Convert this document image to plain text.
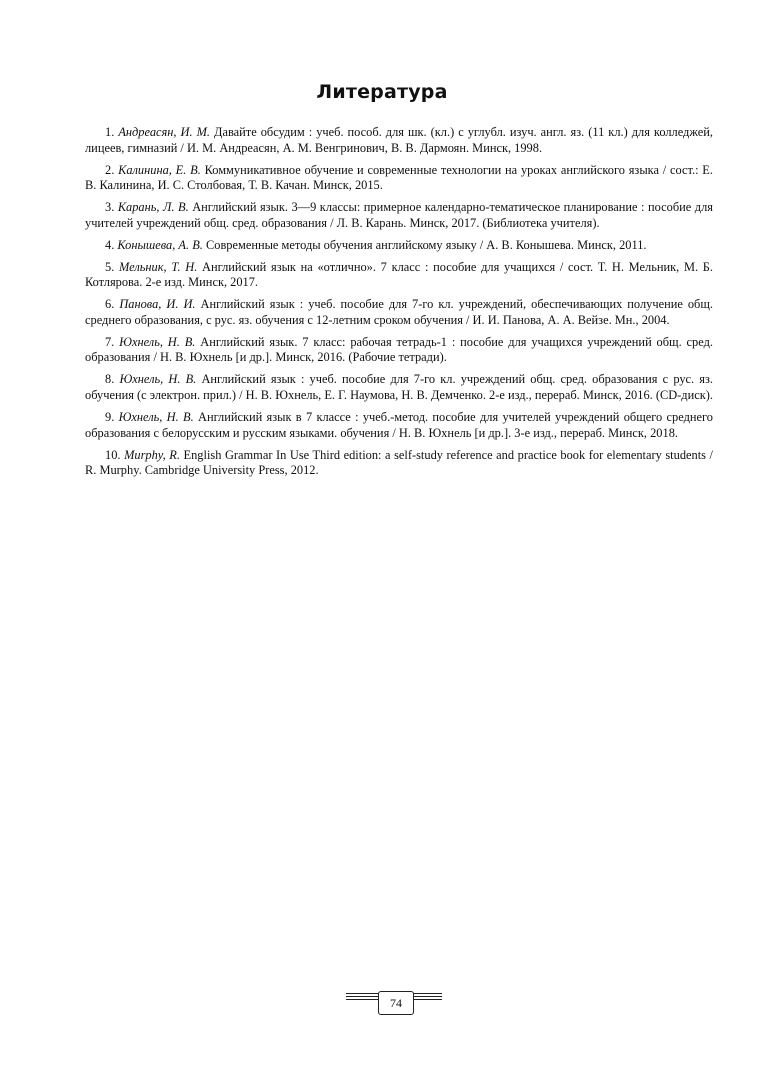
Литература

1. Андреасян, И. М. Давайте обсудим : учеб. пособ. для шк. (кл.) с углубл. изуч. англ. яз. (11 кл.) для колледжей, лицеев, гимназий / И. М. Андреасян, А. М. Венгринович, В. В. Дармоян. Минск, 1998.

2. Калинина, Е. В. Коммуникативное обучение и современные технологии на уроках английского языка / сост.: Е. В. Калинина, И. С. Столбовая, Т. В. Качан. Минск, 2015.

3. Карань, Л. В. Английский язык. 3—9 классы: примерное календарно-тематическое планирование : пособие для учителей учреждений общ. сред. образования / Л. В. Карань. Минск, 2017. (Библиотека учителя).

4. Конышева, А. В. Современные методы обучения английскому языку / А. В. Конышева. Минск, 2011.

5. Мельник, Т. Н. Английский язык на «отлично». 7 класс : пособие для учащихся / сост. Т. Н. Мельник, М. Б. Котлярова. 2-е изд. Минск, 2017.

6. Панова, И. И. Английский язык : учеб. пособие для 7-го кл. учреждений, обеспечивающих получение общ. среднего образования, с рус. яз. обучения с 12-летним сроком обучения / И. И. Панова, А. А. Вейзе. Мн., 2004.

7. Юхнель, Н. В. Английский язык. 7 класс: рабочая тетрадь-1 : пособие для учащихся учреждений общ. сред. образования / Н. В. Юхнель [и др.]. Минск, 2016. (Рабочие тетради).

8. Юхнель, Н. В. Английский язык : учеб. пособие для 7-го кл. учреждений общ. сред. образования с рус. яз. обучения (с электрон. прил.) / Н. В. Юхнель, Е. Г. Наумова, Н. В. Демченко. 2-е изд., перераб. Минск, 2016. (CD-диск).

9. Юхнель, Н. В. Английский язык в 7 классе : учеб.-метод. пособие для учителей учреждений общего среднего образования с белорусским и русским языками. обучения / Н. В. Юхнель [и др.]. 3-е изд., перераб. Минск, 2018.

10. Murphy, R. English Grammar In Use Third edition: a self-study reference and practice book for elementary students / R. Murphy. Cambridge University Press, 2012.

74
